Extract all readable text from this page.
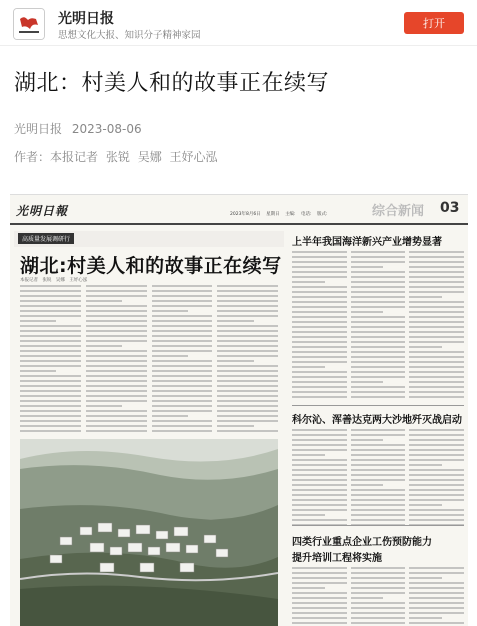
光明日报
思想文化大报、知识分子精神家园
打开
湖北：村美人和的故事正在续写
光明日报 2023-08-06
作者：本报记者 张锐 吴娜 王妤心泓
光明日報	2023年8月6日 星期日 主编: 电话: 版式:	综合新闻 03
高质量发展调研行
湖北:村美人和的故事正在续写
本报记者 张锐 吴娜 王妤心泓
上半年我国海洋新兴产业增势显著
科尔沁、浑善达克两大沙地歼灭战启动
四类行业重点企业工伤预防能力
提升培训工程将实施
